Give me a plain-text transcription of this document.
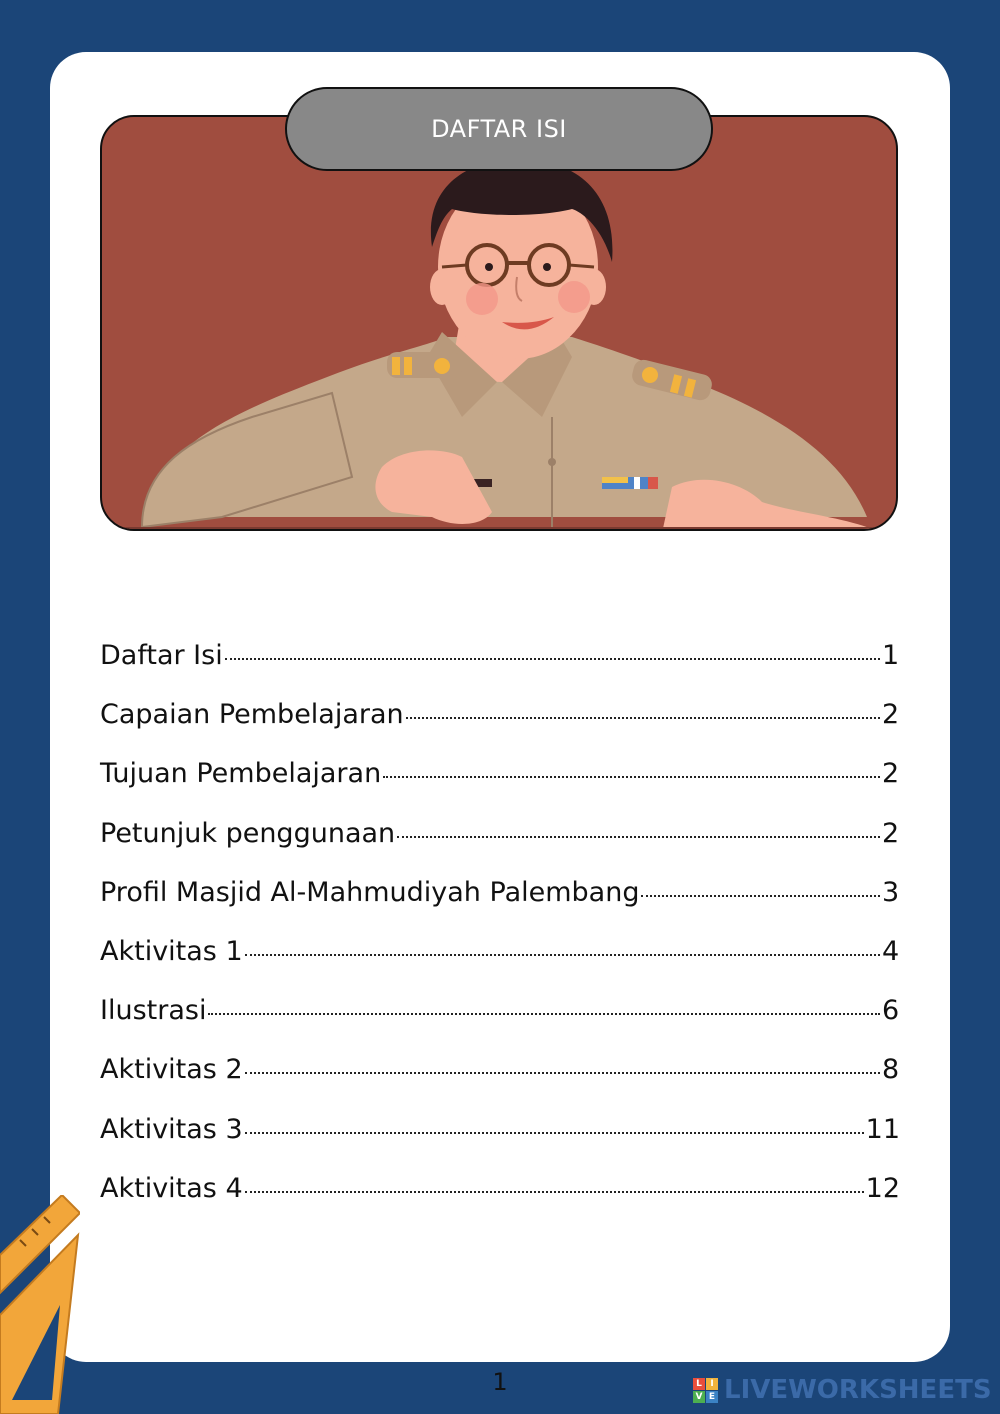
DAFTAR ISI
Daftar Isi	1
Capaian Pembelajaran	2
Tujuan Pembelajaran	2
Petunjuk penggunaan	2
Profil Masjid Al-Mahmudiyah Palembang	3
Aktivitas 1	4
Ilustrasi	6
Aktivitas 2	8
Aktivitas 3	11
Aktivitas 4	12
1	L I
V E LIVEWORKSHEETS
